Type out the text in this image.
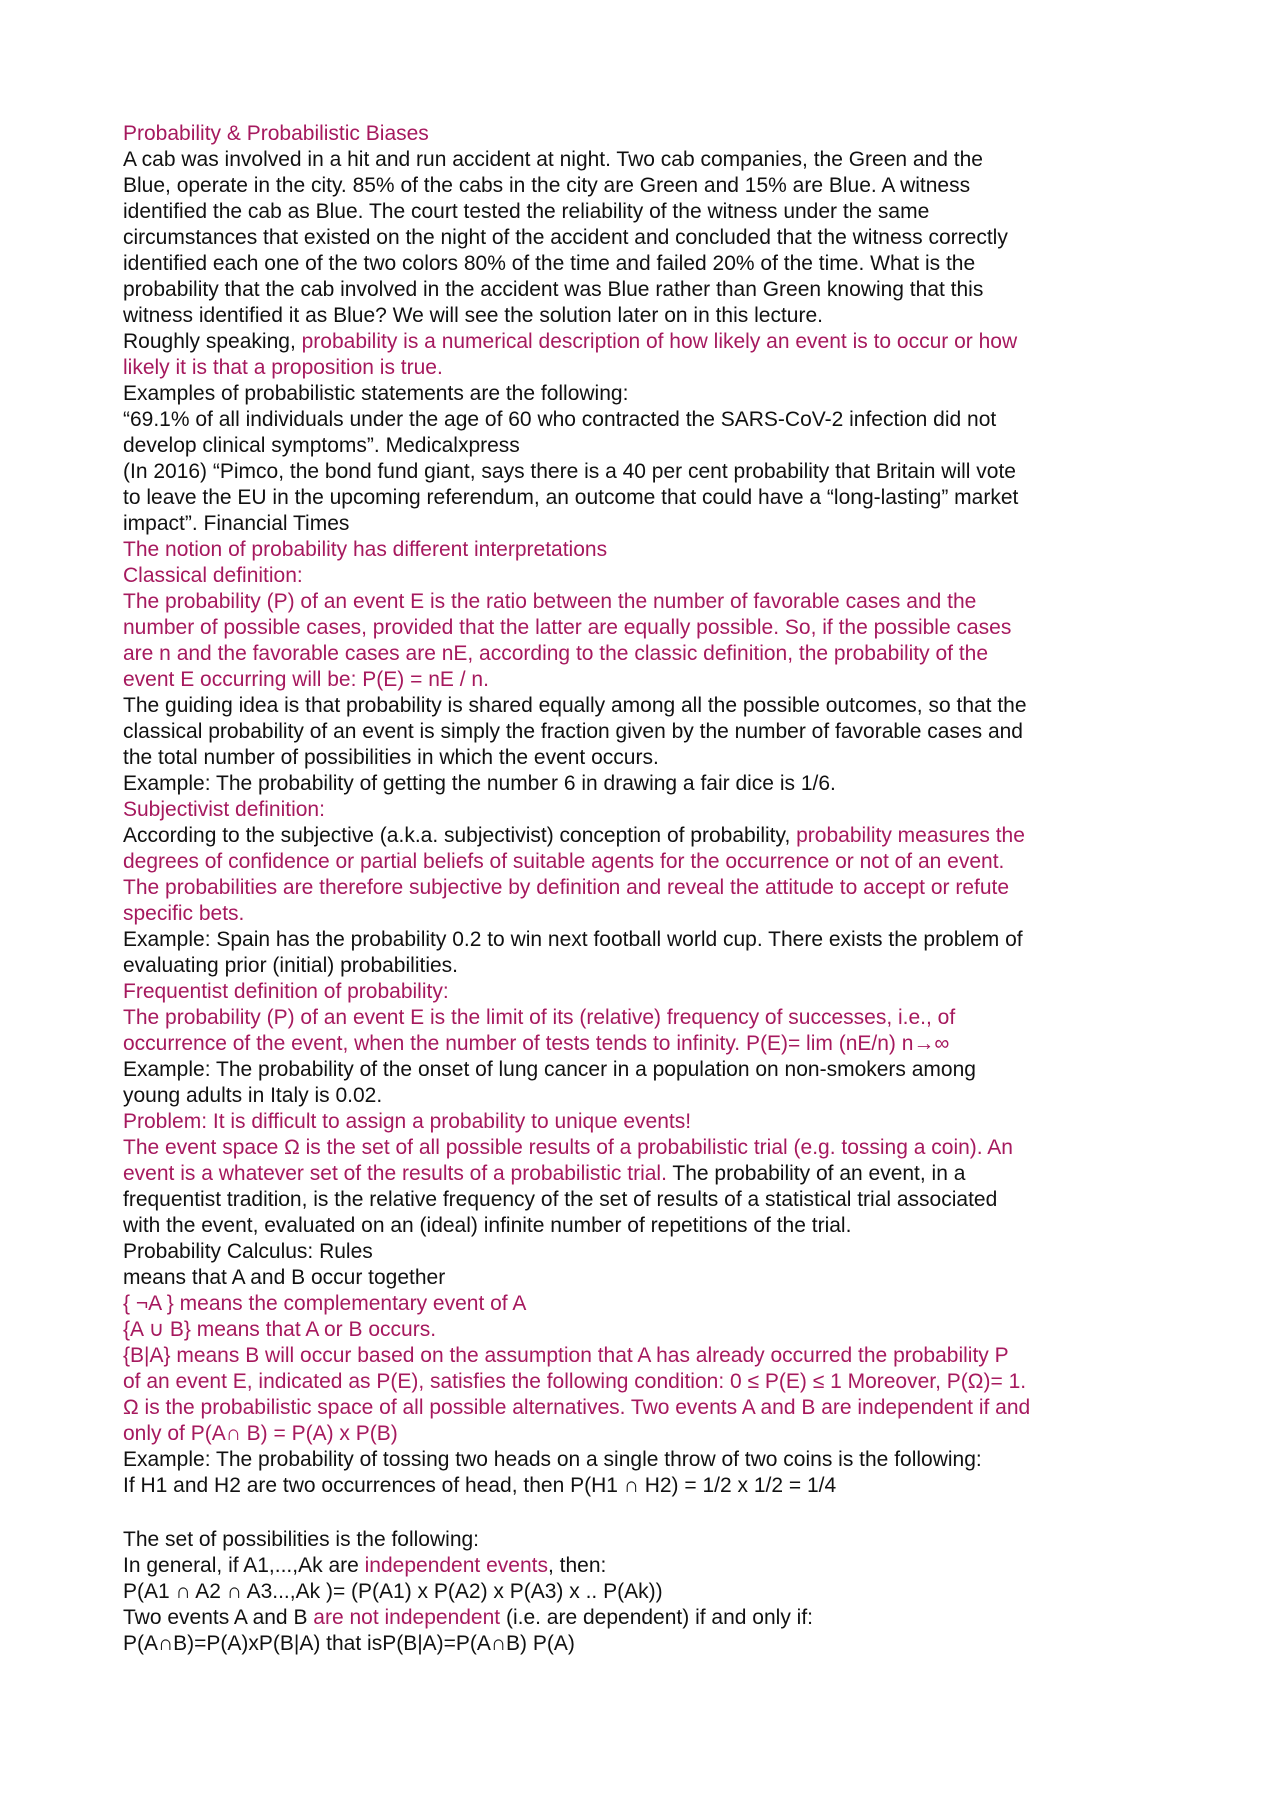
Probability & Probabilistic Biases
A cab was involved in a hit and run accident at night. Two cab companies, the Green and the
Blue, operate in the city. 85% of the cabs in the city are Green and 15% are Blue. A witness
identified the cab as Blue. The court tested the reliability of the witness under the same
circumstances that existed on the night of the accident and concluded that the witness correctly
identified each one of the two colors 80% of the time and failed 20% of the time. What is the
probability that the cab involved in the accident was Blue rather than Green knowing that this
witness identified it as Blue? We will see the solution later on in this lecture.
Roughly speaking, probability is a numerical description of how likely an event is to occur or how
likely it is that a proposition is true.
Examples of probabilistic statements are the following:
“69.1% of all individuals under the age of 60 who contracted the SARS-CoV-2 infection did not
develop clinical symptoms”. Medicalxpress
(In 2016) “Pimco, the bond fund giant, says there is a 40 per cent probability that Britain will vote
to leave the EU in the upcoming referendum, an outcome that could have a “long-lasting” market
impact”. Financial Times
The notion of probability has different interpretations
Classical definition:
The probability (P) of an event E is the ratio between the number of favorable cases and the
number of possible cases, provided that the latter are equally possible. So, if the possible cases
are n and the favorable cases are nE, according to the classic definition, the probability of the
event E occurring will be: P(E) = nE / n.
The guiding idea is that probability is shared equally among all the possible outcomes, so that the
classical probability of an event is simply the fraction given by the number of favorable cases and
the total number of possibilities in which the event occurs.
Example: The probability of getting the number 6 in drawing a fair dice is 1/6.
Subjectivist definition:
According to the subjective (a.k.a. subjectivist) conception of probability, probability measures the
degrees of confidence or partial beliefs of suitable agents for the occurrence or not of an event.
The probabilities are therefore subjective by definition and reveal the attitude to accept or refute
specific bets.
Example: Spain has the probability 0.2 to win next football world cup. There exists the problem of
evaluating prior (initial) probabilities.
Frequentist definition of probability:
The probability (P) of an event E is the limit of its (relative) frequency of successes, i.e., of
occurrence of the event, when the number of tests tends to infinity. P(E)= lim (nE/n) n→∞
Example: The probability of the onset of lung cancer in a population on non-smokers among
young adults in Italy is 0.02.
Problem: It is difficult to assign a probability to unique events!
The event space Ω is the set of all possible results of a probabilistic trial (e.g. tossing a coin). An
event is a whatever set of the results of a probabilistic trial. The probability of an event, in a
frequentist tradition, is the relative frequency of the set of results of a statistical trial associated
with the event, evaluated on an (ideal) infinite number of repetitions of the trial.
Probability Calculus: Rules
means that A and B occur together
{ ¬A } means the complementary event of A
{A ∪ B} means that A or B occurs.
{B|A} means B will occur based on the assumption that A has already occurred the probability P
of an event E, indicated as P(E), satisfies the following condition: 0 ≤ P(E) ≤ 1 Moreover, P(Ω)= 1.
Ω is the probabilistic space of all possible alternatives. Two events A and B are independent if and
only of P(A∩ B) = P(A) x P(B)
Example: The probability of tossing two heads on a single throw of two coins is the following:
If H1 and H2 are two occurrences of head, then P(H1 ∩ H2) = 1/2 x 1/2 = 1/4
The set of possibilities is the following:
In general, if A1,...,Ak are independent events, then:
P(A1 ∩ A2 ∩ A3...,Ak )= (P(A1) x P(A2) x P(A3) x .. P(Ak))
Two events A and B are not independent (i.e. are dependent) if and only if:
P(A∩B)=P(A)xP(B|A) that isP(B|A)=P(A∩B) P(A)
